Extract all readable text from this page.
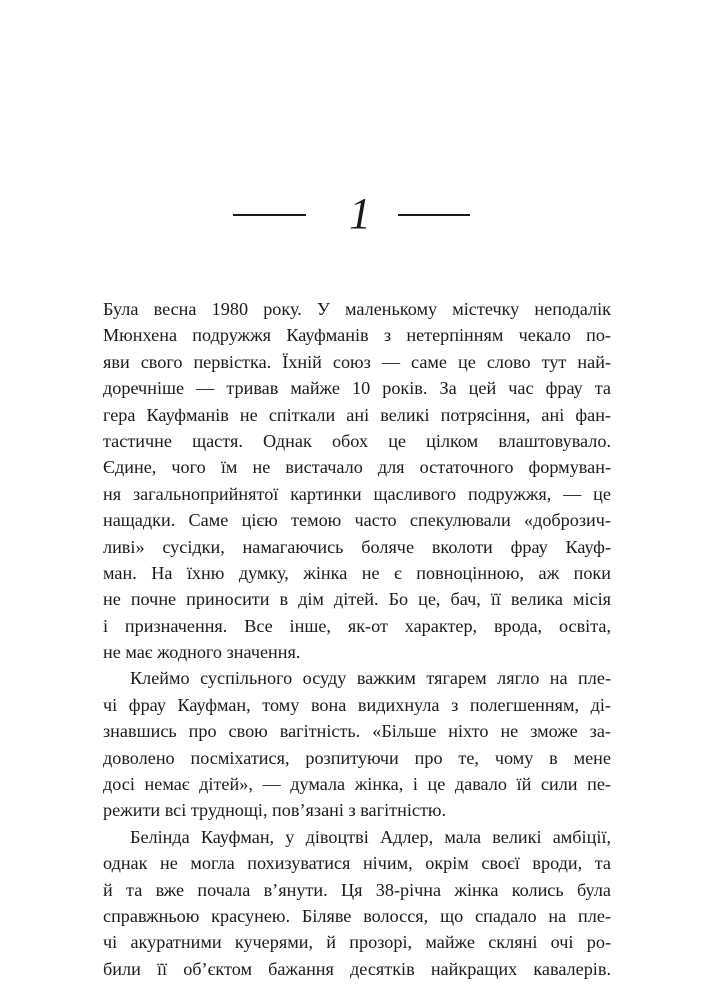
1
Була весна 1980 року. У маленькому містечку неподалік
Мюнхена подружжя Кауфманів з нетерпінням чекало по-
яви свого первістка. Їхній союз — саме це слово тут най-
доречніше — тривав майже 10 років. За цей час фрау та
гера Кауфманів не спіткали ані великі потрясіння, ані фан-
тастичне щастя. Однак обох це цілком влаштовувало.
Єдине, чого їм не вистачало для остаточного формуван-
ня загальноприйнятої картинки щасливого подружжя, — це
нащадки. Саме цією темою часто спекулювали «доброзич-
ливі» сусідки, намагаючись боляче вколоти фрау Кауф-
ман. На їхню думку, жінка не є повноцінною, аж поки
не почне приносити в дім дітей. Бо це, бач, її велика місія
і призначення. Все інше, як-от характер, врода, освіта,
не має жодного значення.
Клеймо суспільного осуду важким тягарем лягло на пле-
чі фрау Кауфман, тому вона видихнула з полегшенням, ді-
знавшись про свою вагітність. «Більше ніхто не зможе за-
доволено посміхатися, розпитуючи про те, чому в мене
досі немає дітей», — думала жінка, і це давало їй сили пе-
режити всі труднощі, пов’язані з вагітністю.
Белінда Кауфман, у дівоцтві Адлер, мала великі амбіції,
однак не могла похизуватися нічим, окрім своєї вроди, та
й та вже почала в’янути. Ця 38-річна жінка колись була
справжньою красунею. Біляве волосся, що спадало на пле-
чі акуратними кучерями, й прозорі, майже скляні очі ро-
били її об’єктом бажання десятків найкращих кавалерів.
